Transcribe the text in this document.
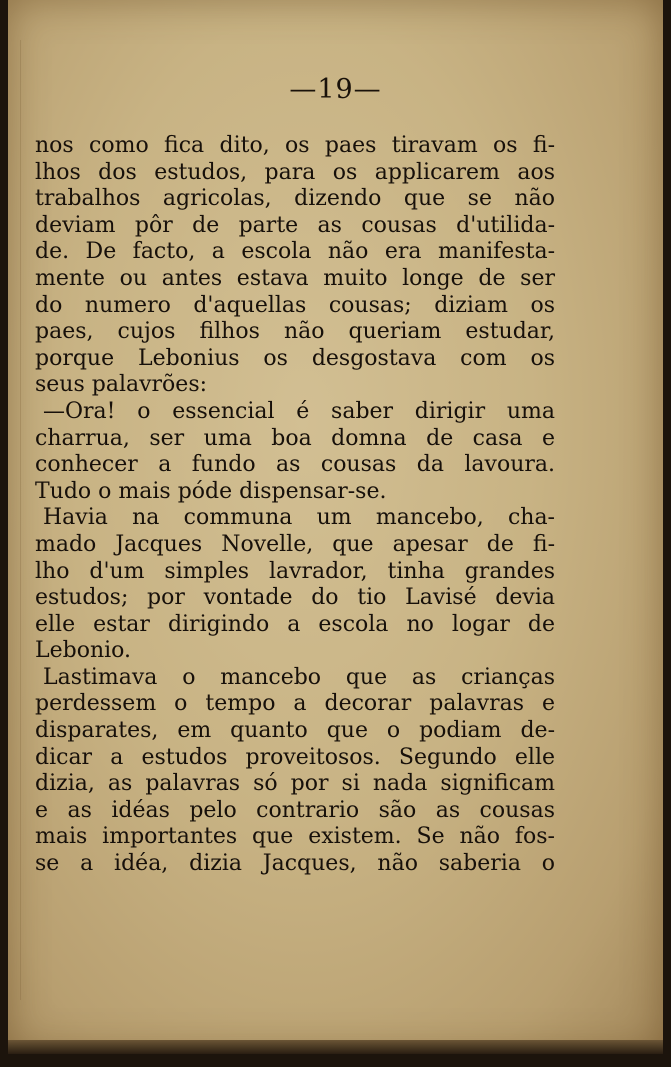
—19—
nos como fica dito, os paes tiravam os fi-
lhos dos estudos, para os applicarem aos
trabalhos agricolas, dizendo que se não
deviam pôr de parte as cousas d'utilida-
de. De facto, a escola não era manifesta-
mente ou antes estava muito longe de ser
do numero d'aquellas cousas; diziam os
paes, cujos filhos não queriam estudar,
porque Lebonius os desgostava com os
seus palavrões:
—Ora! o essencial é saber dirigir uma
charrua, ser uma boa domna de casa e
conhecer a fundo as cousas da lavoura.
Tudo o mais póde dispensar-se.
Havia na communa um mancebo, cha-
mado Jacques Novelle, que apesar de fi-
lho d'um simples lavrador, tinha grandes
estudos; por vontade do tio Lavisé devia
elle estar dirigindo a escola no logar de
Lebonio.
Lastimava o mancebo que as crianças
perdessem o tempo a decorar palavras e
disparates, em quanto que o podiam de-
dicar a estudos proveitosos. Segundo elle
dizia, as palavras só por si nada significam
e as idéas pelo contrario são as cousas
mais importantes que existem. Se não fos-
se a idéa, dizia Jacques, não saberia o
